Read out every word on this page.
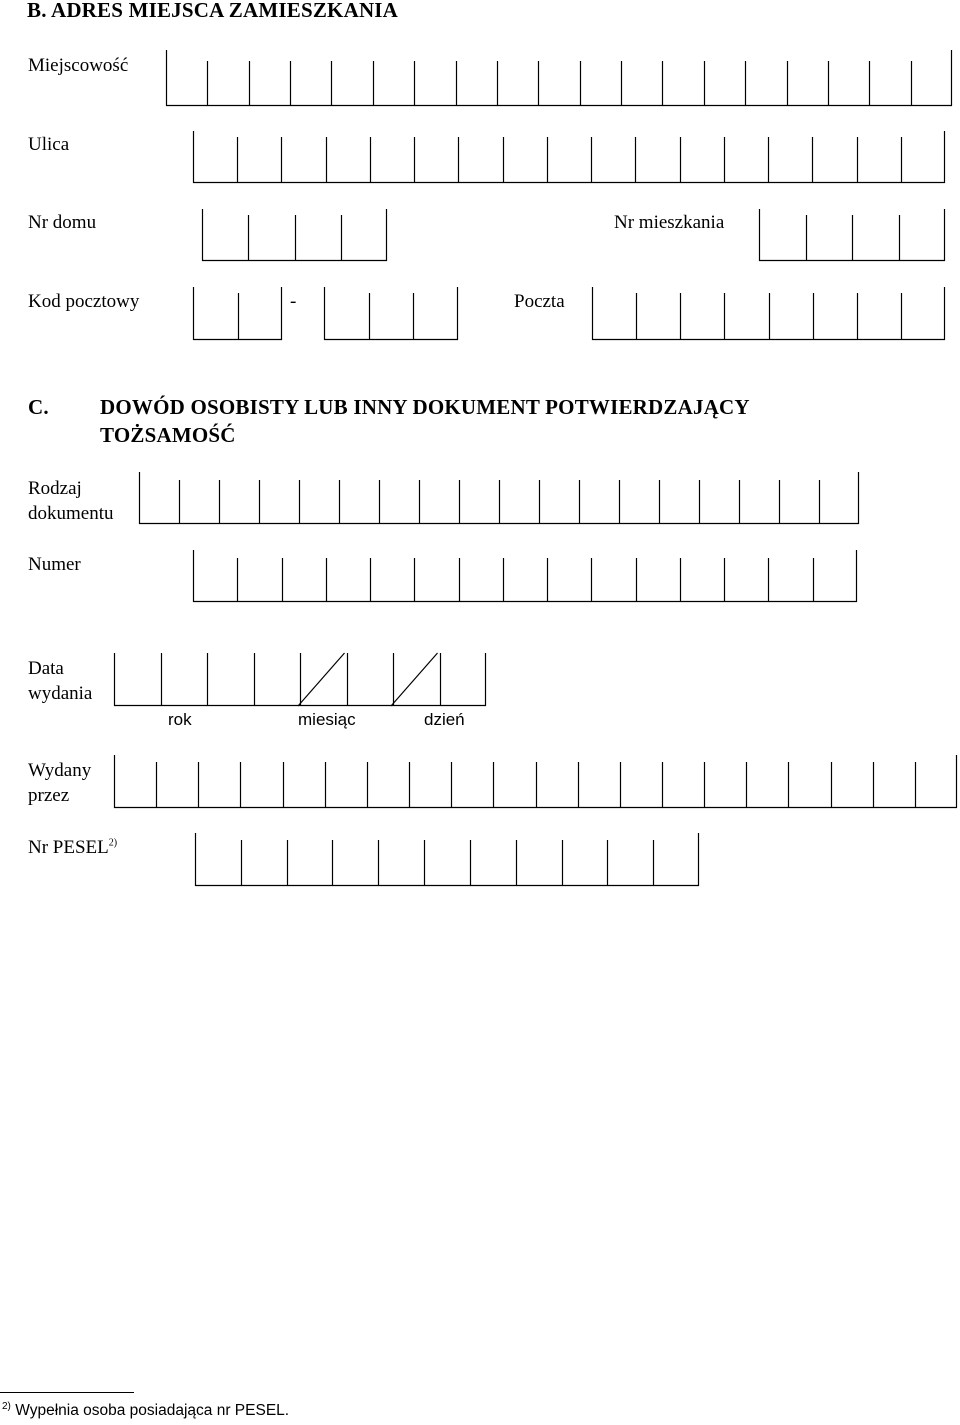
B. ADRES MIEJSCA ZAMIESZKANIA
Miejscowość
Ulica
Nr domu	Nr mieszkania
Kod pocztowy	-	Poczta
C. DOWÓD OSOBISTY LUB INNY DOKUMENT POTWIERDZAJĄCY
TOŻSAMOŚĆ
Rodzaj
dokumentu
Numer
Data
wydania
rok	miesiąc	dzień
Wydany
przez
Nr PESEL$^{2)}$
$^{2)}$ Wypełnia osoba posiadająca nr PESEL.
